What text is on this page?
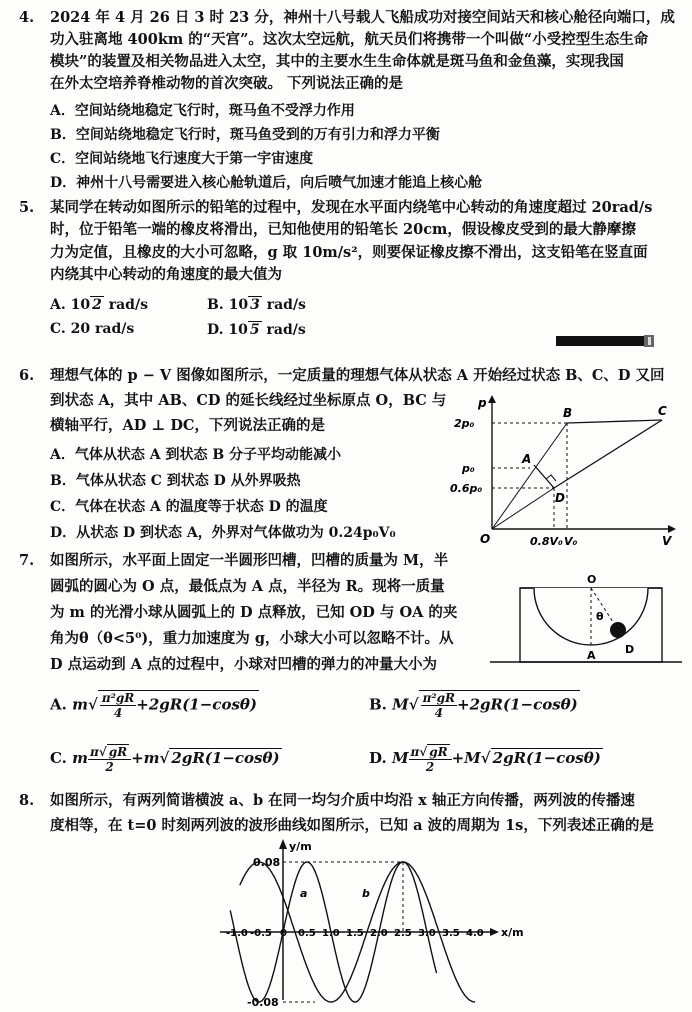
4. 2024 年 4 月 26 日 3 时 23 分，神州十八号载人飞船成功对接空间站天和核心舱径向端口，成
功入驻离地 400km 的“天宫”。这次太空远航，航天员们将携带一个叫做“小受控型生态生命
模块”的装置及相关物品进入太空，其中的主要水生生命体就是斑马鱼和金鱼藻，实现我国
在外太空培养脊椎动物的首次突破。 下列说法正确的是
A．空间站绕地稳定飞行时，斑马鱼不受浮力作用
B．空间站绕地稳定飞行时，斑马鱼受到的万有引力和浮力平衡
C．空间站绕地飞行速度大于第一宇宙速度
D．神州十八号需要进入核心舱轨道后，向后喷气加速才能追上核心舱
5. 某同学在转动如图所示的铅笔的过程中，发现在水平面内绕笔中心转动的角速度超过 20rad/s
时，位于铅笔一端的橡皮将滑出，已知他使用的铅笔长 20cm，假设橡皮受到的最大静摩擦
力为定值，且橡皮的大小可忽略，g 取 10m/s²，则要保证橡皮擦不滑出，这支铅笔在竖直面
内绕其中心转动的角速度的最大值为
A. 10 2 rad/s	B. 10 3 rad/s
C. 20 rad/s	D. 10 5 rad/s
6. 理想气体的 p − V 图像如图所示，一定质量的理想气体从状态 A 开始经过状态 B、C、D 又回
到状态 A，其中 AB、CD 的延长线经过坐标原点 O，BC 与
横轴平行，AD ⊥ DC，下列说法正确的是
A．气体从状态 A 到状态 B 分子平均动能减小
B．气体从状态 C 到状态 D 从外界吸热
C．气体在状态 A 的温度等于状态 D 的温度
D．从状态 D 到状态 A，外界对气体做功为 0.24p₀V₀
p
V
O
2p₀
p₀
0.6p₀
0.8V₀ V₀
A
B	C
D
7. 如图所示，水平面上固定一半圆形凹槽，凹槽的质量为 M，半
圆弧的圆心为 O 点，最低点为 A 点，半径为 R。现将一质量
为 m 的光滑小球从圆弧上的 D 点释放，已知 OD 与 OA 的夹
角为θ（θ<5⁰)，重力加速度为 g，小球大小可以忽略不计。从
D 点运动到 A 点的过程中，小球对凹槽的弹力的冲量大小为
O
θ
A	D
A. $m√ \frac{\text{π²gR}}{4} +2gR(1-\cos\theta)$	B. $M√ \frac{\text{π²gR}}{4} +2gR(1-\cos\theta)$
C. m $\frac{\pi√ gR}{2} +m√$ 2gR(1−cosθ)	D. M $\frac{\pi√ gR}{2} +M√$ 2gR(1−cosθ)
8. 如图所示，有两列简谐横波 a、b 在同一均匀介质中均沿 x 轴正方向传播，两列波的传播速
度相等，在 t=0 时刻两列波的波形曲线如图所示，已知 a 波的周期为 1s，下列表述正确的是
y/m
x/m
0.08
-0.08
-1.0 -0.5 0 0.5 1.0 1.5 2.0 2.5 3.0 3.5 4.0
a	b
